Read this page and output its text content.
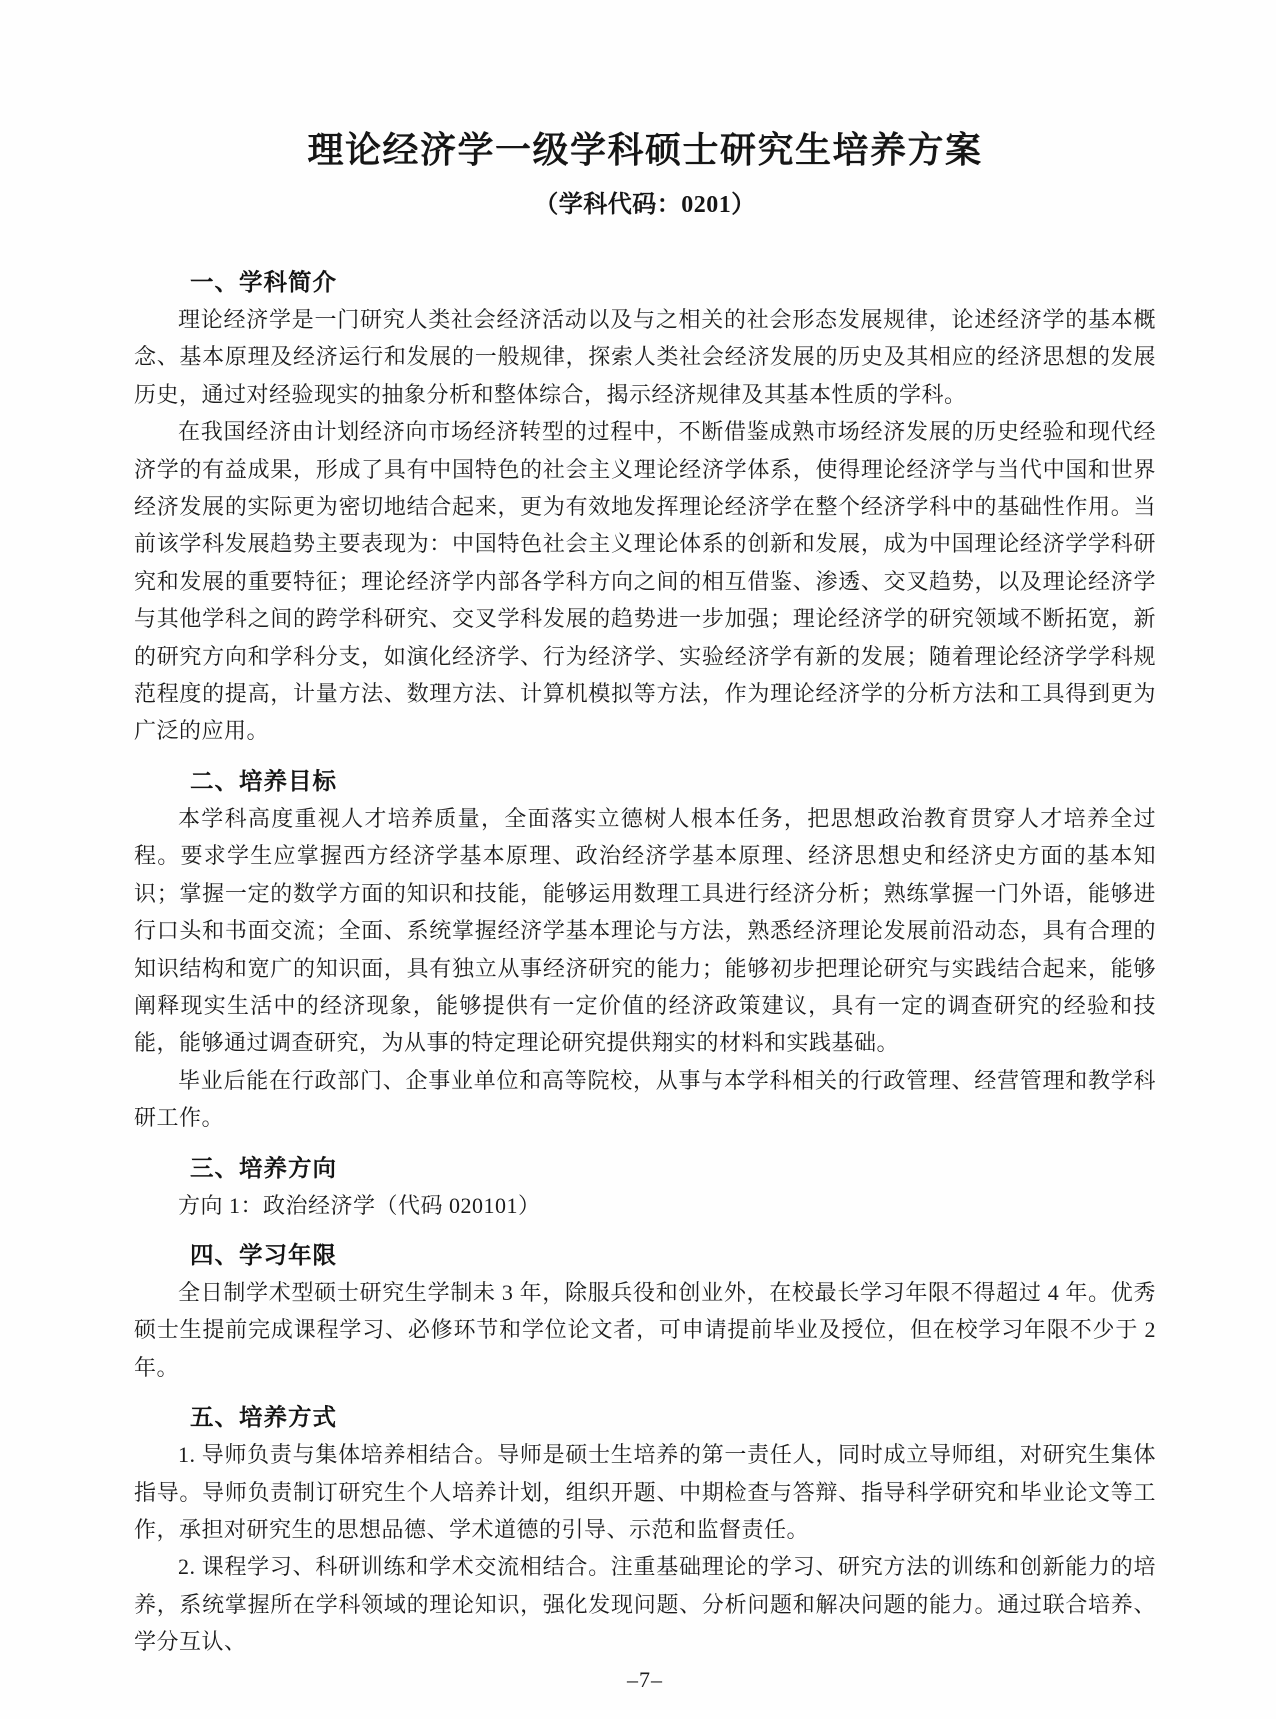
理论经济学一级学科硕士研究生培养方案
（学科代码：0201）
一、学科简介

理论经济学是一门研究人类社会经济活动以及与之相关的社会形态发展规律，论述经济学的基本概念、基本原理及经济运行和发展的一般规律，探索人类社会经济发展的历史及其相应的经济思想的发展历史，通过对经验现实的抽象分析和整体综合，揭示经济规律及其基本性质的学科。

在我国经济由计划经济向市场经济转型的过程中，不断借鉴成熟市场经济发展的历史经验和现代经济学的有益成果，形成了具有中国特色的社会主义理论经济学体系，使得理论经济学与当代中国和世界经济发展的实际更为密切地结合起来，更为有效地发挥理论经济学在整个经济学科中的基础性作用。当前该学科发展趋势主要表现为：中国特色社会主义理论体系的创新和发展，成为中国理论经济学学科研究和发展的重要特征；理论经济学内部各学科方向之间的相互借鉴、渗透、交叉趋势，以及理论经济学与其他学科之间的跨学科研究、交叉学科发展的趋势进一步加强；理论经济学的研究领域不断拓宽，新的研究方向和学科分支，如演化经济学、行为经济学、实验经济学有新的发展；随着理论经济学学科规范程度的提高，计量方法、数理方法、计算机模拟等方法，作为理论经济学的分析方法和工具得到更为广泛的应用。

二、培养目标

本学科高度重视人才培养质量，全面落实立德树人根本任务，把思想政治教育贯穿人才培养全过程。要求学生应掌握西方经济学基本原理、政治经济学基本原理、经济思想史和经济史方面的基本知识；掌握一定的数学方面的知识和技能，能够运用数理工具进行经济分析；熟练掌握一门外语，能够进行口头和书面交流；全面、系统掌握经济学基本理论与方法，熟悉经济理论发展前沿动态，具有合理的知识结构和宽广的知识面，具有独立从事经济研究的能力；能够初步把理论研究与实践结合起来，能够阐释现实生活中的经济现象，能够提供有一定价值的经济政策建议，具有一定的调查研究的经验和技能，能够通过调查研究，为从事的特定理论研究提供翔实的材料和实践基础。

毕业后能在行政部门、企事业单位和高等院校，从事与本学科相关的行政管理、经营管理和教学科研工作。

三、培养方向

方向 1：政治经济学（代码 020101）

四、学习年限

全日制学术型硕士研究生学制未 3 年，除服兵役和创业外，在校最长学习年限不得超过 4 年。优秀硕士生提前完成课程学习、必修环节和学位论文者，可申请提前毕业及授位，但在校学习年限不少于 2 年。

五、培养方式

1. 导师负责与集体培养相结合。导师是硕士生培养的第一责任人，同时成立导师组，对研究生集体指导。导师负责制订研究生个人培养计划，组织开题、中期检查与答辩、指导科学研究和毕业论文等工作，承担对研究生的思想品德、学术道德的引导、示范和监督责任。

2. 课程学习、科研训练和学术交流相结合。注重基础理论的学习、研究方法的训练和创新能力的培养，系统掌握所在学科领域的理论知识，强化发现问题、分析问题和解决问题的能力。通过联合培养、学分互认、

–7–
